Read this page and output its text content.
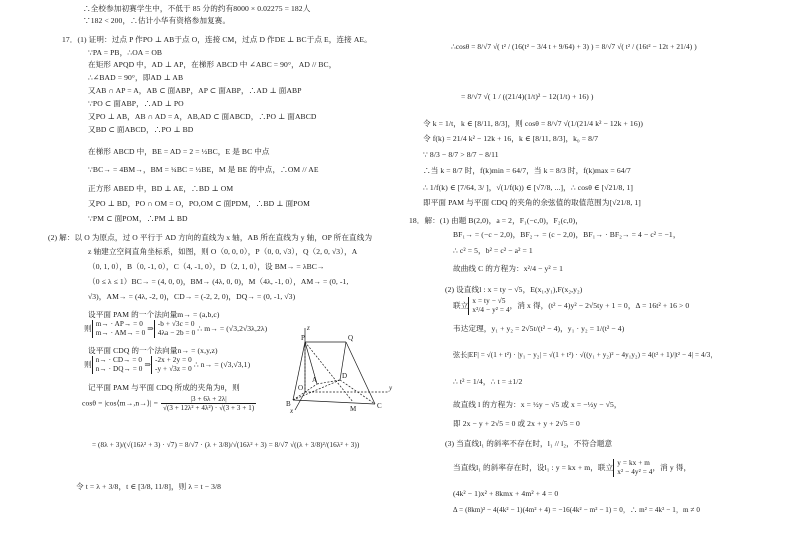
∴全校参加初赛学生中，不低于 85 分的约有8000 × 0.02275 = 182人
∵182 < 200，∴估计小华有资格参加复赛。
17．(1) 证明：过点 P 作PO ⊥ AB于点 O，连接 CM，过点 D 作DE ⊥ BC于点 E，连接 AE。
∵PA = PB，∴OA = OB
在矩形 APQD 中，AD ⊥ AP，在梯形 ABCD 中 ∠ABC = 90°，AD // BC，
∴∠BAD = 90°，即AD ⊥ AB
又AB ∩ AP = A，AB ⊂ 面ABP，AP ⊂ 面ABP，∴AD ⊥ 面ABP
∵PO ⊂ 面ABP，∴AD ⊥ PO
又PO ⊥ AB，AB ∩ AD = A，AB,AD ⊂ 面ABCD，∴PO ⊥ 面ABCD
又BD ⊂ 面ABCD，∴PO ⊥ BD
在梯形 ABCD 中，BE = AD = 2 = ½BC，E 是 BC 中点
∵BC→ = 4BM→，BM = ¼BC = ½BE，M 是 BE 的中点，∴OM // AE
正方形 ABED 中，BD ⊥ AE，∴BD ⊥ OM
又PO ⊥ BD，PO ∩ OM = O，PO,OM ⊂ 面PDM，∴BD ⊥ 面POM
∵PM ⊂ 面POM，∴PM ⊥ BD
(2) 解：以 O 为原点，过 O 平行于 AD 方向的直线为 x 轴，AB 所在直线为 y 轴，OP 所在直线为
z 轴建立空间直角坐标系，如图，则 O（0, 0, 0），P（0, 0, √3），Q（2, 0, √3），A
（0, 1, 0），B（0, -1, 0），C（4, -1, 0），D（2, 1, 0），设 BM→ = λBC→
（0 ≤ λ ≤ 1）BC→ = (4, 0, 0)，BM→ (4λ, 0, 0)，M（4λ, -1, 0），AM→ = (0, -1,
√3)，AM→ = (4λ, -2, 0)，CD→ = (-2, 2, 0)，DQ→ = (0, -1, √3)
设平面 PAM 的一个法向量m→ = (a,b,c)
则 m→ · AP→ = 0
m→ · AM→ = 0
⇒ -b + √3c = 0
4λa − 2b = 0
∴ m→ = (√3,2√3λ,2λ)
设平面 CDQ 的一个法向量n→ = (x,y,z)
则 n→ · CD→ = 0
n→ · DQ→ = 0
⇒ -2x + 2y = 0
-y + √3z = 0
∴ n→ = (√3,√3,1)
记平面 PAM 与平面 CDQ 所成的夹角为θ，则
cosθ = |cos⟨m→,n→⟩| = $\frac{|3 + 6\lambda + 2\lambda|}{\text{√(3 + 12λ² + 4λ²) · √(3 + 3 + 1)}}$
= (8λ + 3)/(√(16λ² + 3) · √7) = 8/√7 · (λ + 3/8)/√(16λ² + 3) = 8/√7 √((λ + 3/8)²/(16λ² + 3))
令 t = λ + 3/8，t ∈ [3/8, 11/8]，则 λ = t − 3/8
P	Q
D
A
O
B
M	C
z
x
y
∴cosθ = 8/√7 √( t² / (16(t² − 3/4 t + 9/64) + 3) ) = 8/√7 √( t² / (16t² − 12t + 21/4) )
= 8/√7 √( 1 / ((21/4)(1/t)² − 12(1/t) + 16) )
令 k = 1/t，k ∈ [8/11, 8/3]，则 cosθ = 8/√7 √(1/(21/4 k² − 12k + 16))
令 f(k) = 21/4 k² − 12k + 16，k ∈ [8/11, 8/3]，k₀ = 8/7
∵ 8/3 − 8/7 > 8/7 − 8/11
∴当 k = 8/7 时，f(k)min = 64/7，当 k = 8/3 时，f(k)max = 64/7
∴ 1/f(k) ∈ [7/64, 3/ ]，√(1/f(k)) ∈ [√7/8, ...]，∴ cosθ ∈ [√21/8, 1]
即平面 PAM 与平面 CDQ 的夹角的余弦值的取值范围为[√21/8, 1]
18．解：(1) 由题 B(2,0)，a = 2，F₁(−c,0)，F₂(c,0)，
BF₁→ = (−c − 2,0)，BF₂→ = (c − 2,0)，BF₁→ · BF₂→ = 4 − c² = −1，
∴ c² = 5，b² = c² − a² = 1
故曲线 C 的方程为：x²/4 − y² = 1
(2) 设直线l : x = ty − √5，E(x₁,y₁),F(x₂,y₂)
联立 x = ty − √5
x²/4 − y² = 4
，消 x 得，(t² − 4)y² − 2√5ty + 1 = 0，Δ = 16t² + 16 > 0
韦达定理，y₁ + y₂ = 2√5t/(t² − 4)，y₁ · y₂ = 1/(t² − 4)
弦长|EF| = √(1 + t²) · |y₁ − y₂| = √(1 + t²) · √((y₁ + y₂)² − 4y₁y₂) = 4(t² + 1)/|t² − 4| = 4/3，
∴ t² = 1/4，∴ t = ±1/2
故直线 l 的方程为：x = ½y − √5 或 x = −½y − √5，
即 2x − y + 2√5 = 0 或 2x + y + 2√5 = 0
(3) 当直线l₁ 的斜率不存在时，l₁ // l₂，不符合题意
当直线l₁ 的斜率存在时，设l₁ : y = kx + m，联立 y = kx + m
x² − 4y² = 4
，消 y 得，
(4k² − 1)x² + 8kmx + 4m² + 4 = 0
Δ = (8km)² − 4(4k² − 1)(4m² + 4) = −16(4k² − m² − 1) = 0，∴ m² = 4k² − 1，m ≠ 0
